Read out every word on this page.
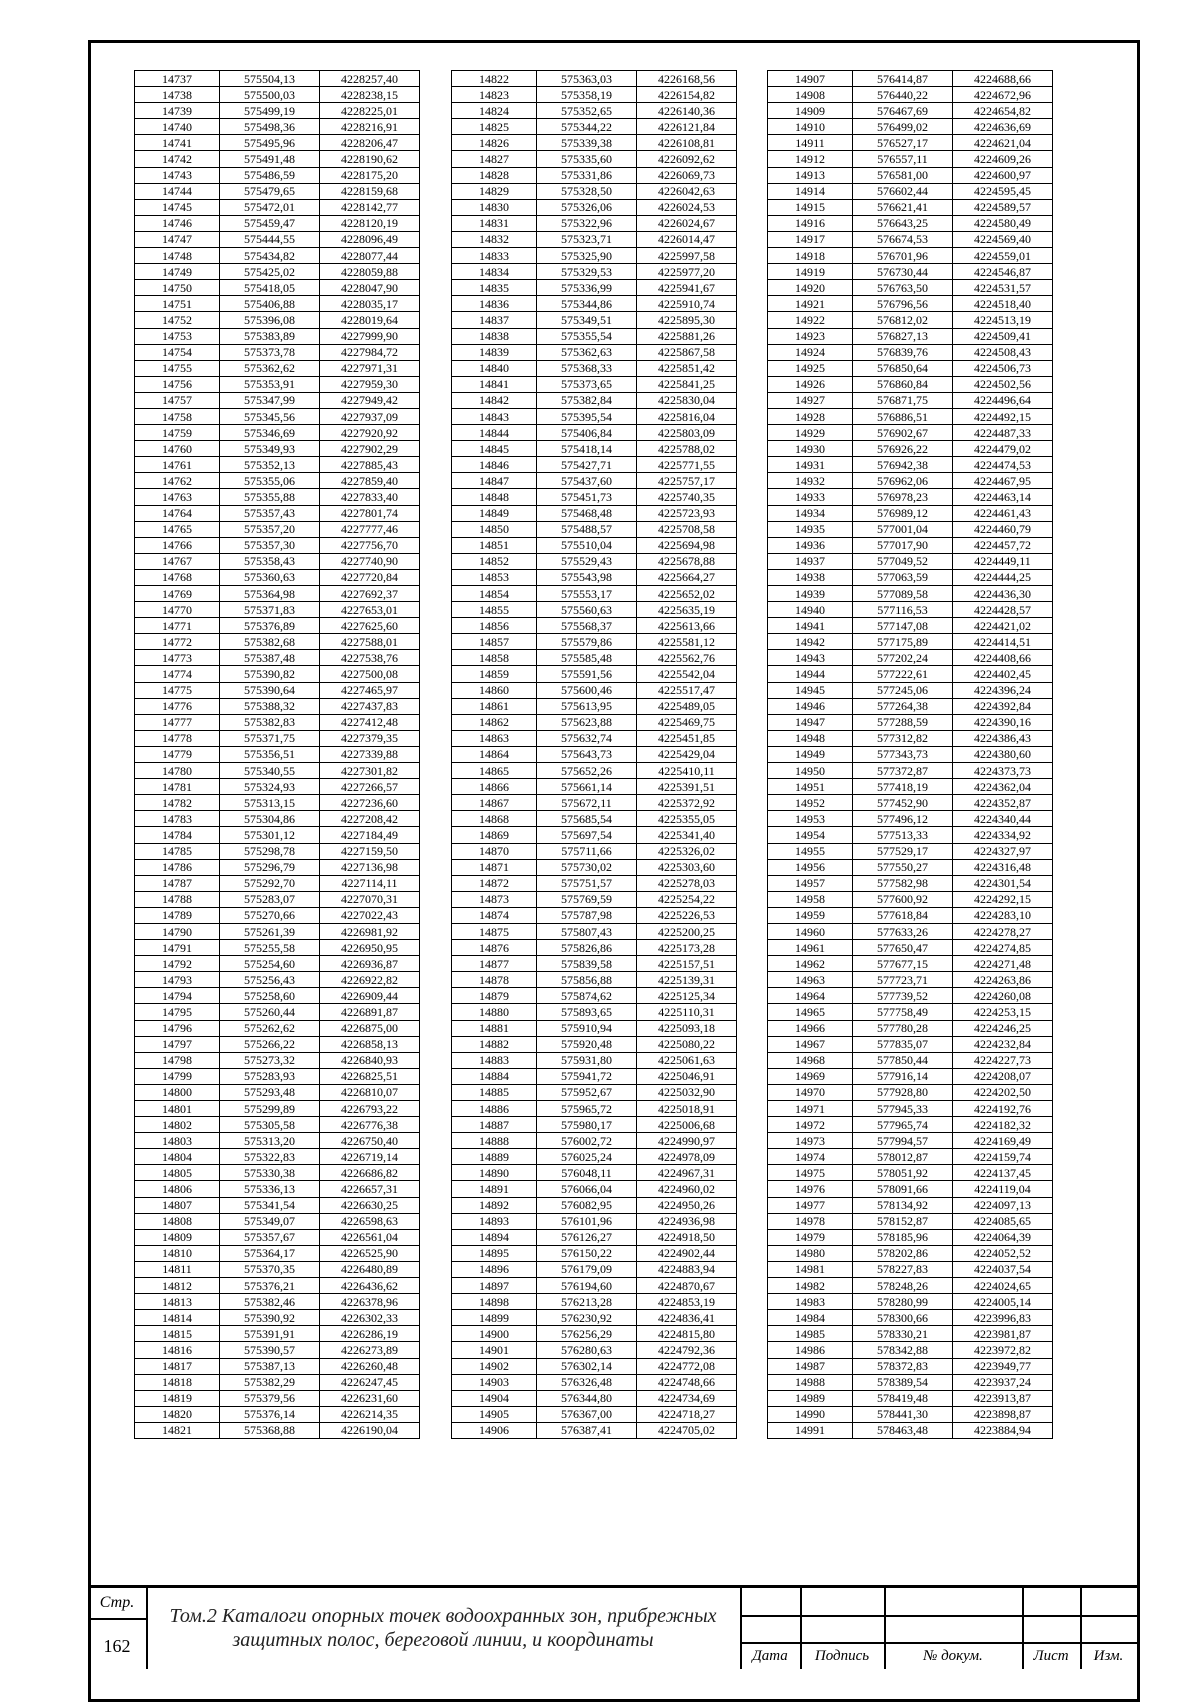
14737	575504,13	4228257,40
14738	575500,03	4228238,15
14739	575499,19	4228225,01
14740	575498,36	4228216,91
14741	575495,96	4228206,47
14742	575491,48	4228190,62
14743	575486,59	4228175,20
14744	575479,65	4228159,68
14745	575472,01	4228142,77
14746	575459,47	4228120,19
14747	575444,55	4228096,49
14748	575434,82	4228077,44
14749	575425,02	4228059,88
14750	575418,05	4228047,90
14751	575406,88	4228035,17
14752	575396,08	4228019,64
14753	575383,89	4227999,90
14754	575373,78	4227984,72
14755	575362,62	4227971,31
14756	575353,91	4227959,30
14757	575347,99	4227949,42
14758	575345,56	4227937,09
14759	575346,69	4227920,92
14760	575349,93	4227902,29
14761	575352,13	4227885,43
14762	575355,06	4227859,40
14763	575355,88	4227833,40
14764	575357,43	4227801,74
14765	575357,20	4227777,46
14766	575357,30	4227756,70
14767	575358,43	4227740,90
14768	575360,63	4227720,84
14769	575364,98	4227692,37
14770	575371,83	4227653,01
14771	575376,89	4227625,60
14772	575382,68	4227588,01
14773	575387,48	4227538,76
14774	575390,82	4227500,08
14775	575390,64	4227465,97
14776	575388,32	4227437,83
14777	575382,83	4227412,48
14778	575371,75	4227379,35
14779	575356,51	4227339,88
14780	575340,55	4227301,82
14781	575324,93	4227266,57
14782	575313,15	4227236,60
14783	575304,86	4227208,42
14784	575301,12	4227184,49
14785	575298,78	4227159,50
14786	575296,79	4227136,98
14787	575292,70	4227114,11
14788	575283,07	4227070,31
14789	575270,66	4227022,43
14790	575261,39	4226981,92
14791	575255,58	4226950,95
14792	575254,60	4226936,87
14793	575256,43	4226922,82
14794	575258,60	4226909,44
14795	575260,44	4226891,87
14796	575262,62	4226875,00
14797	575266,22	4226858,13
14798	575273,32	4226840,93
14799	575283,93	4226825,51
14800	575293,48	4226810,07
14801	575299,89	4226793,22
14802	575305,58	4226776,38
14803	575313,20	4226750,40
14804	575322,83	4226719,14
14805	575330,38	4226686,82
14806	575336,13	4226657,31
14807	575341,54	4226630,25
14808	575349,07	4226598,63
14809	575357,67	4226561,04
14810	575364,17	4226525,90
14811	575370,35	4226480,89
14812	575376,21	4226436,62
14813	575382,46	4226378,96
14814	575390,92	4226302,33
14815	575391,91	4226286,19
14816	575390,57	4226273,89
14817	575387,13	4226260,48
14818	575382,29	4226247,45
14819	575379,56	4226231,60
14820	575376,14	4226214,35
14821	575368,88	4226190,04
14822	575363,03	4226168,56
14823	575358,19	4226154,82
14824	575352,65	4226140,36
14825	575344,22	4226121,84
14826	575339,38	4226108,81
14827	575335,60	4226092,62
14828	575331,86	4226069,73
14829	575328,50	4226042,63
14830	575326,06	4226024,53
14831	575322,96	4226024,67
14832	575323,71	4226014,47
14833	575325,90	4225997,58
14834	575329,53	4225977,20
14835	575336,99	4225941,67
14836	575344,86	4225910,74
14837	575349,51	4225895,30
14838	575355,54	4225881,26
14839	575362,63	4225867,58
14840	575368,33	4225851,42
14841	575373,65	4225841,25
14842	575382,84	4225830,04
14843	575395,54	4225816,04
14844	575406,84	4225803,09
14845	575418,14	4225788,02
14846	575427,71	4225771,55
14847	575437,60	4225757,17
14848	575451,73	4225740,35
14849	575468,48	4225723,93
14850	575488,57	4225708,58
14851	575510,04	4225694,98
14852	575529,43	4225678,88
14853	575543,98	4225664,27
14854	575553,17	4225652,02
14855	575560,63	4225635,19
14856	575568,37	4225613,66
14857	575579,86	4225581,12
14858	575585,48	4225562,76
14859	575591,56	4225542,04
14860	575600,46	4225517,47
14861	575613,95	4225489,05
14862	575623,88	4225469,75
14863	575632,74	4225451,85
14864	575643,73	4225429,04
14865	575652,26	4225410,11
14866	575661,14	4225391,51
14867	575672,11	4225372,92
14868	575685,54	4225355,05
14869	575697,54	4225341,40
14870	575711,66	4225326,02
14871	575730,02	4225303,60
14872	575751,57	4225278,03
14873	575769,59	4225254,22
14874	575787,98	4225226,53
14875	575807,43	4225200,25
14876	575826,86	4225173,28
14877	575839,58	4225157,51
14878	575856,88	4225139,31
14879	575874,62	4225125,34
14880	575893,65	4225110,31
14881	575910,94	4225093,18
14882	575920,48	4225080,22
14883	575931,80	4225061,63
14884	575941,72	4225046,91
14885	575952,67	4225032,90
14886	575965,72	4225018,91
14887	575980,17	4225006,68
14888	576002,72	4224990,97
14889	576025,24	4224978,09
14890	576048,11	4224967,31
14891	576066,04	4224960,02
14892	576082,95	4224950,26
14893	576101,96	4224936,98
14894	576126,27	4224918,50
14895	576150,22	4224902,44
14896	576179,09	4224883,94
14897	576194,60	4224870,67
14898	576213,28	4224853,19
14899	576230,92	4224836,41
14900	576256,29	4224815,80
14901	576280,63	4224792,36
14902	576302,14	4224772,08
14903	576326,48	4224748,66
14904	576344,80	4224734,69
14905	576367,00	4224718,27
14906	576387,41	4224705,02
14907	576414,87	4224688,66
14908	576440,22	4224672,96
14909	576467,69	4224654,82
14910	576499,02	4224636,69
14911	576527,17	4224621,04
14912	576557,11	4224609,26
14913	576581,00	4224600,97
14914	576602,44	4224595,45
14915	576621,41	4224589,57
14916	576643,25	4224580,49
14917	576674,53	4224569,40
14918	576701,96	4224559,01
14919	576730,44	4224546,87
14920	576763,50	4224531,57
14921	576796,56	4224518,40
14922	576812,02	4224513,19
14923	576827,13	4224509,41
14924	576839,76	4224508,43
14925	576850,64	4224506,73
14926	576860,84	4224502,56
14927	576871,75	4224496,64
14928	576886,51	4224492,15
14929	576902,67	4224487,33
14930	576926,22	4224479,02
14931	576942,38	4224474,53
14932	576962,06	4224467,95
14933	576978,23	4224463,14
14934	576989,12	4224461,43
14935	577001,04	4224460,79
14936	577017,90	4224457,72
14937	577049,52	4224449,11
14938	577063,59	4224444,25
14939	577089,58	4224436,30
14940	577116,53	4224428,57
14941	577147,08	4224421,02
14942	577175,89	4224414,51
14943	577202,24	4224408,66
14944	577222,61	4224402,45
14945	577245,06	4224396,24
14946	577264,38	4224392,84
14947	577288,59	4224390,16
14948	577312,82	4224386,43
14949	577343,73	4224380,60
14950	577372,87	4224373,73
14951	577418,19	4224362,04
14952	577452,90	4224352,87
14953	577496,12	4224340,44
14954	577513,33	4224334,92
14955	577529,17	4224327,97
14956	577550,27	4224316,48
14957	577582,98	4224301,54
14958	577600,92	4224292,15
14959	577618,84	4224283,10
14960	577633,26	4224278,27
14961	577650,47	4224274,85
14962	577677,15	4224271,48
14963	577723,71	4224263,86
14964	577739,52	4224260,08
14965	577758,49	4224253,15
14966	577780,28	4224246,25
14967	577835,07	4224232,84
14968	577850,44	4224227,73
14969	577916,14	4224208,07
14970	577928,80	4224202,50
14971	577945,33	4224192,76
14972	577965,74	4224182,32
14973	577994,57	4224169,49
14974	578012,87	4224159,74
14975	578051,92	4224137,45
14976	578091,66	4224119,04
14977	578134,92	4224097,13
14978	578152,87	4224085,65
14979	578185,96	4224064,39
14980	578202,86	4224052,52
14981	578227,83	4224037,54
14982	578248,26	4224024,65
14983	578280,99	4224005,14
14984	578300,66	4223996,83
14985	578330,21	4223981,87
14986	578342,88	4223972,82
14987	578372,83	4223949,77
14988	578389,54	4223937,24
14989	578419,48	4223913,87
14990	578441,30	4223898,87
14991	578463,48	4223884,94
Стр.
162
Том.2 Каталоги опорных точек водоохранных зон, прибрежных
защитных полос, береговой линии, и координаты
Дата	Подпись	№ докум.	Лист	Изм.
